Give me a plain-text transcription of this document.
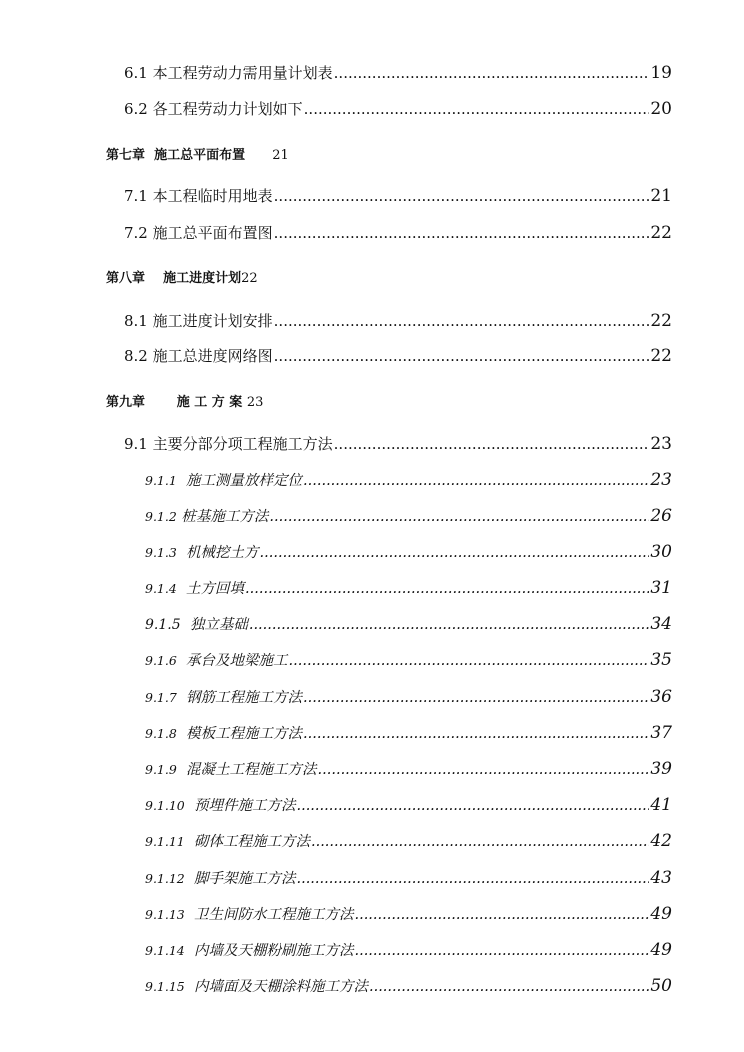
6.1 本工程劳动力需用量计划表 .....	19
6.2 各工程劳动力计划如下 .....	20
第七章 施工总平面布置 21
7.1 本工程临时用地表 .....	21
7.2 施工总平面布置图 .....	22
第八章 施工进度计划22
8.1 施工进度计划安排 .....	22
8.2 施工总进度网络图 .....	22
第九章 施 工 方 案 23
9.1 主要分部分项工程施工方法 .....	23
9.1.1 施工测量放样定位 .....	23
9.1.2 桩基施工方法 .....	26
9.1.3 机械挖土方 .....	30
9.1.4 土方回填 .....	31
9.1.5 独立基础 .....	34
9.1.6 承台及地梁施工 .....	35
9.1.7 钢筋工程施工方法 .....	36
9.1.8 模板工程施工方法 .....	37
9.1.9 混凝土工程施工方法 .....	39
9.1.10 预埋件施工方法 .....	41
9.1.11 砌体工程施工方法 .....	42
9.1.12 脚手架施工方法 .....	43
9.1.13 卫生间防水工程施工方法 .....	49
9.1.14 内墙及天棚粉刷施工方法 .....	49
9.1.15 内墙面及天棚涂料施工方法 .....	50
